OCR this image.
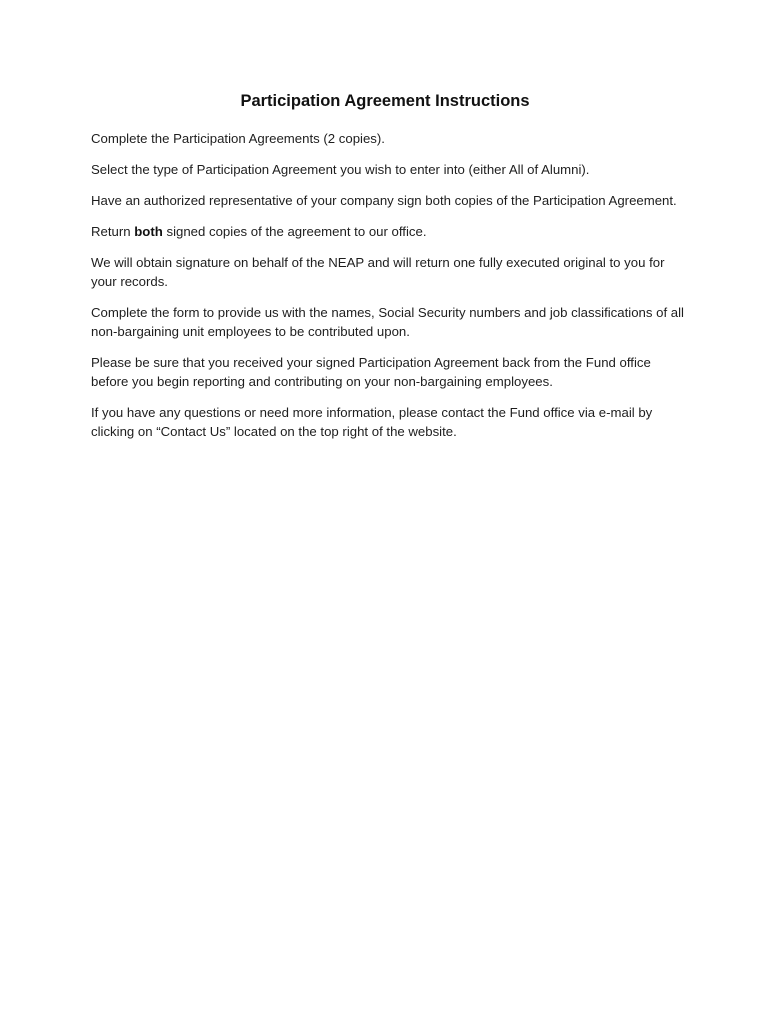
Participation Agreement Instructions

Complete the Participation Agreements (2 copies).

Select the type of Participation Agreement you wish to enter into (either All of Alumni).

Have an authorized representative of your company sign both copies of the Participation Agreement.

Return both signed copies of the agreement to our office.

We will obtain signature on behalf of the NEAP and will return one fully executed original to you for your records.

Complete the form to provide us with the names, Social Security numbers and job classifications of all non-bargaining unit employees to be contributed upon.

Please be sure that you received your signed Participation Agreement back from the Fund office before you begin reporting and contributing on your non-bargaining employees.

If you have any questions or need more information, please contact the Fund office via e-mail by clicking on “Contact Us” located on the top right of the website.
